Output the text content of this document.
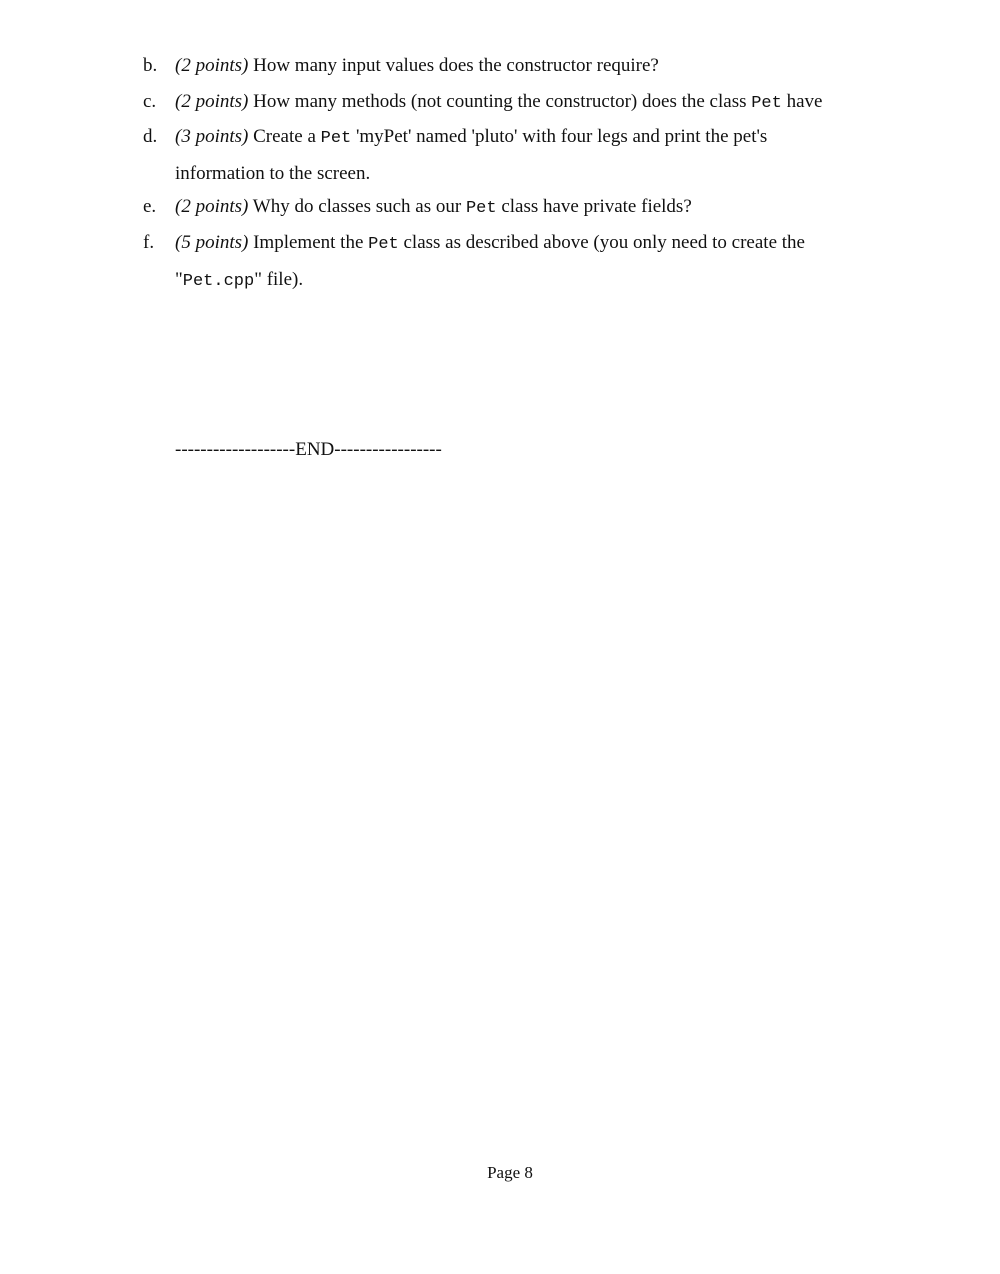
b. (2 points) How many input values does the constructor require?
c. (2 points) How many methods (not counting the constructor) does the class Pet have
d. (3 points) Create a Pet 'myPet' named 'pluto' with four legs and print the pet's information to the screen.
e. (2 points) Why do classes such as our Pet class have private fields?
f.	(5 points) Implement the Pet class as described above (you only need to create the "Pet.cpp" file).
-------------------END-----------------
Page 8
